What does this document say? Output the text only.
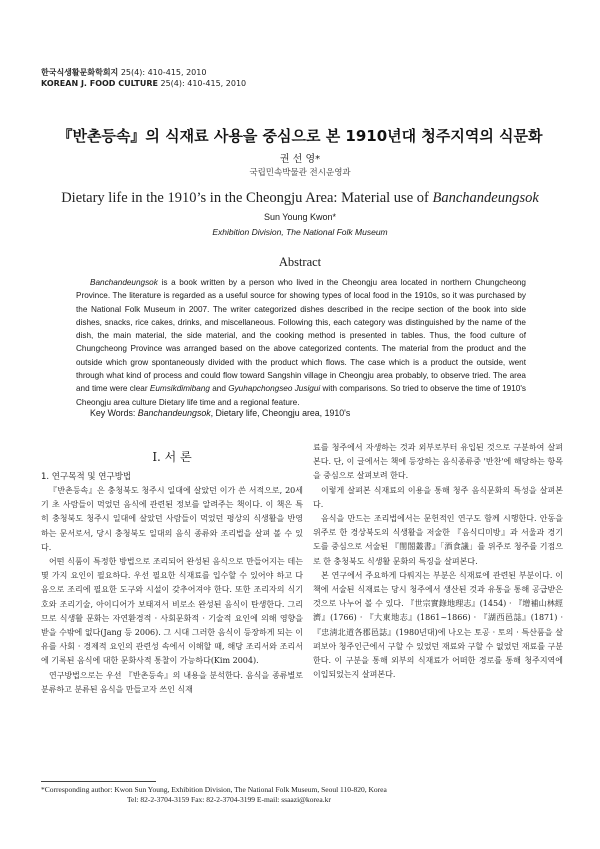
한국식생활문화학회지 25(4): 410-415, 2010
KOREAN J. FOOD CULTURE 25(4): 410-415, 2010
『반촌등속』의 식재료 사용을 중심으로 본 1910년대 청주지역의 식문화
권 선 영*
국립민속박물관 전시운영과
Dietary life in the 1910’s in the Cheongju Area: Material use of Banchandeungsok
Sun Young Kwon*
Exhibition Division, The National Folk Museum
Abstract

Banchandeungsok is a book written by a person who lived in the Cheongju area located in northern Chungcheong Province. The literature is regarded as a useful source for showing types of local food in the 1910s, so it was purchased by the National Folk Museum in 2007. The writer categorized dishes described in the recipe section of the book into side dishes, snacks, rice cakes, drinks, and miscellaneous. Following this, each category was distinguished by the name of the dish, the main material, the side material, and the cooking method is presented in tables. Thus, the food culture of Chungcheong Province was arranged based on the above categorized contents. The material from the product and the outside which grow spontaneously divided with the product which flows. The case which is a product the outside, went through what kind of process and could flow toward Sangshin village in Cheongju area probably, to observe tried. The area and time were clear Eumsikdimibang and Gyuhapchongseo Jusigui with comparisons. So tried to observe the time of 1910's Cheongju area culture Dietary life time and a regional feature.

Key Words: Banchandeungsok, Dietary life, Cheongju area, 1910's
I. 서 론
1. 연구목적 및 연구방법

『반촌등속』은 충청북도 청주시 일대에 살았던 이가 쓴 서적으로, 20세기 초 사람들이 먹었던 음식에 관련된 정보를 알려주는 책이다. 이 책은 특히 충청북도 청주시 일대에 살았던 사람들이 먹었던 평상의 식생활을 반영하는 문서로서, 당시 충청북도 일대의 음식 종류와 조리법을 살펴 볼 수 있다.

어떤 식품이 특정한 방법으로 조리되어 완성된 음식으로 만들어지는 데는 몇 가지 요인이 필요하다. 우선 필요한 식재료를 입수할 수 있어야 하고 다음으로 조리에 필요한 도구와 시설이 갖추어져야 한다. 또한 조리자의 식기호와 조리기술, 아이디어가 보태져서 비로소 완성된 음식이 탄생한다. 그리므로 식생활 문화는 자연환경적 · 사회문화적 · 기술적 요인에 의해 영향을 받을 수밖에 없다(Jang 등 2006). 그 시대 그러한 음식이 등장하게 되는 이유를 사회 · 경제적 요인의 관련성 속에서 이해할 때, 해당 조리서와 조리서에 기록된 음식에 대한 문화사적 통찰이 가능하다(Kim 2004).

연구방법으로는 우선 『반촌등속』의 내용을 분석한다. 음식을 종류별로 분류하고 분류된 음식을 만들고자 쓰인 식재

료를 청주에서 자생하는 것과 외부로부터 유입된 것으로 구분하여 살펴본다. 단, 이 글에서는 책에 등장하는 음식종류중 '반찬'에 해당하는 항목을 중심으로 살펴보려 한다.

이렇게 살펴본 식재료의 이용을 통해 청주 음식문화의 특성을 살펴본다.

음식을 만드는 조리법에서는 문헌적인 연구도 함께 시행한다. 안동을 위주로 한 경상북도의 식생활을 저술한 『음식디미방』과 서울과 경기도를 중심으로 서술된 『閨閤叢書』「酒食議」를 위주로 청주를 기점으로 한 충청북도 식생활 문화의 특징을 살펴본다.

본 연구에서 주요하게 다뤄지는 부분은 식재료에 관련된 부분이다. 이 책에 서술된 식재료는 당시 청주에서 생산된 것과 유통을 통해 공급받은 것으로 나누어 볼 수 있다. 『世宗實錄地理志』(1454) · 『增補山林經濟』(1766) · 『大東地志』(1861~1866) · 『湖西邑誌』(1871) · 『忠淸北道各郡邑誌』(1980년대)에 나오는 토공 · 토의 · 특산품을 살펴보아 청주인근에서 구할 수 있었던 재료와 구할 수 없었던 재료를 구분한다. 이 구분을 통해 외부의 식재료가 어떠한 경로를 통해 청주지역에 이입되었는지 살펴본다.

*Corresponding author: Kwon Sun Young, Exhibition Division, The National Folk Museum, Seoul 110-820, Korea
Tel: 82-2-3704-3159 Fax: 82-2-3704-3199 E-mail: ssaazi@korea.kr
